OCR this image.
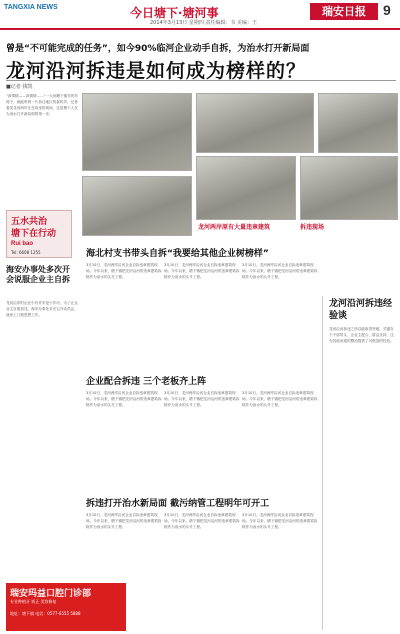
TANGXIA NEWS	今日塘下·塘河事
2014年3月13日 星期四 责任编辑：韦 美编：王
瑞安日报	9
曾是“不可能完成的任务”，如今90%临河企业动手自拆，为治水打开新局面
龙河沿河拆违是如何成为榜样的？
■记者 钱凯
“真情情——真情情……”一大到塘下镇东的东湾子，就能听到一片拆迁地区的轰鸣声，记者看见龙河两岸正在拆违的现场，这是塘下人在为治水打开新局面的第一步。
龙河两岸原有大量违章建筑	拆违现场
五水共治
塘下在行动
Rui bao
Tel: 6608 1255
海安办事处多次开会说服企业主自拆
龙河沿岸的企业中有许多是小作坊，为了让企业主自愿拆违，海安办事处多次召开动员会，逐家上门做思想工作。
海北村支书带头自拆“我要给其他企业树榜样”
3月10日，龙河两岸沿河企业自拆违章建筑现场。今年以来，塘下镇把龙河沿河的违章建筑拆除作为治水的头号工程。
3月10日，龙河两岸沿河企业自拆违章建筑现场。今年以来，塘下镇把龙河沿河的违章建筑拆除作为治水的头号工程。
3月10日，龙河两岸沿河企业自拆违章建筑现场。今年以来，塘下镇把龙河沿河的违章建筑拆除作为治水的头号工程。
企业配合拆违 三个老板齐上阵
3月10日，龙河两岸沿河企业自拆违章建筑现场。今年以来，塘下镇把龙河沿河的违章建筑拆除作为治水的头号工程。
3月10日，龙河两岸沿河企业自拆违章建筑现场。今年以来，塘下镇把龙河沿河的违章建筑拆除作为治水的头号工程。
3月10日，龙河两岸沿河企业自拆违章建筑现场。今年以来，塘下镇把龙河沿河的违章建筑拆除作为治水的头号工程。
拆违打开治水新局面 截污纳管工程明年可开工
3月10日，龙河两岸沿河企业自拆违章建筑现场。今年以来，塘下镇把龙河沿河的违章建筑拆除作为治水的头号工程。
3月10日，龙河两岸沿河企业自拆违章建筑现场。今年以来，塘下镇把龙河沿河的违章建筑拆除作为治水的头号工程。
3月10日，龙河两岸沿河企业自拆违章建筑现场。今年以来，塘下镇把龙河沿河的违章建筑拆除作为治水的头号工程。
龙河沿河拆违经验谈
龙河沿河拆违之所以能取得突破，关键在于干部带头、企业主配合、群众支持，这为其他河道的整治提供了可借鉴的经验。
瑞安玛益口腔门诊部
专业种植牙 矫正 美容修复
地址：塘下镇 电话：0577-6555 5888
